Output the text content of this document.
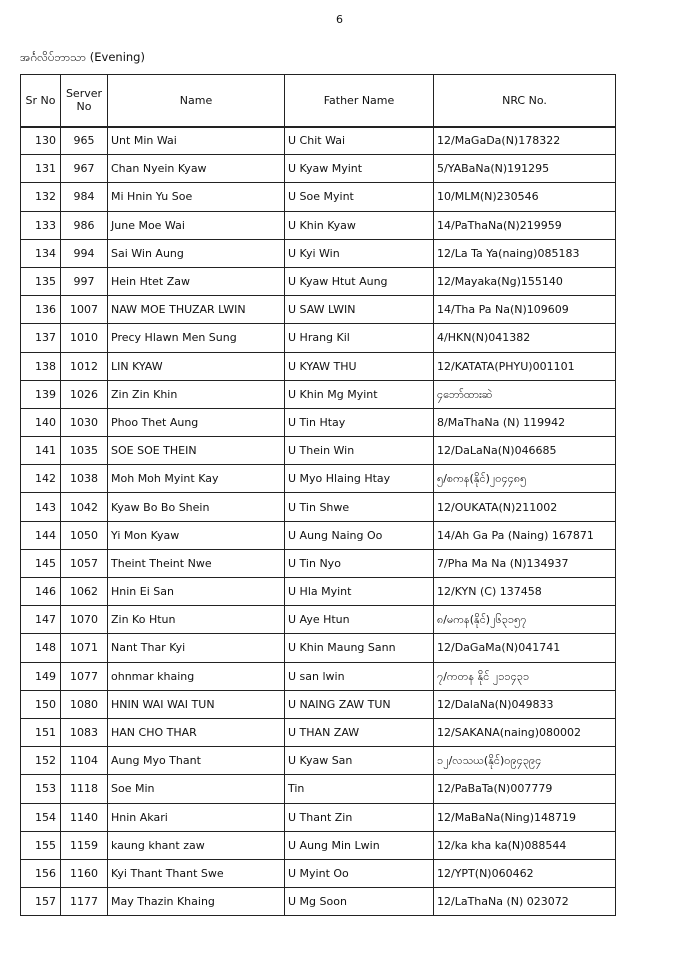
6
အင်္ဂလိပ်ဘာသာ (Evening)
Sr No	Server No	Name	Father Name	NRC No.
130	965	Unt Min Wai	U Chit Wai	12/MaGaDa(N)178322
131	967	Chan Nyein Kyaw	U Kyaw Myint	5/YABaNa(N)191295
132	984	Mi Hnin Yu Soe	U Soe Myint	10/MLM(N)230546
133	986	June Moe Wai	U Khin Kyaw	14/PaThaNa(N)219959
134	994	Sai Win Aung	U Kyi Win	12/La Ta Ya(naing)085183
135	997	Hein Htet Zaw	U Kyaw Htut Aung	12/Mayaka(Ng)155140
136	1007	NAW MOE THUZAR LWIN	U SAW LWIN	14/Tha Pa Na(N)109609
137	1010	Precy Hlawn Men Sung	U Hrang Kil	4/HKN(N)041382
138	1012	LIN KYAW	U KYAW THU	12/KATATA(PHYU)001101
139	1026	Zin Zin Khin	U Khin Mg Myint	၄ဘော်ထားဆဲ
140	1030	Phoo Thet Aung	U Tin Htay	8/MaThaNa (N) 119942
141	1035	SOE SOE THEIN	U Thein Win	12/DaLaNa(N)046685
142	1038	Moh Moh Myint Kay	U Myo Hlaing Htay	၅/စကန(နိုင်)၂၀၄၄၈၅
143	1042	Kyaw Bo Bo Shein	U Tin Shwe	12/OUKATA(N)211002
144	1050	Yi Mon Kyaw	U Aung Naing Oo	14/Ah Ga Pa (Naing) 167871
145	1057	Theint Theint Nwe	U Tin Nyo	7/Pha Ma Na (N)134937
146	1062	Hnin Ei San	U Hla Myint	12/KYN (C) 137458
147	1070	Zin Ko Htun	U Aye Htun	၈/မကန(နိုင်)၂၆၃၁၅၇
148	1071	Nant Thar Kyi	U Khin Maung Sann	12/DaGaMa(N)041741
149	1077	ohnmar khaing	U san lwin	၇/ကတန နိုင် ၂၁၁၄၃၁
150	1080	HNIN WAI WAI TUN	U NAING ZAW TUN	12/DalaNa(N)049833
151	1083	HAN CHO THAR	U THAN ZAW	12/SAKANA(naing)080002
152	1104	Aung Myo Thant	U Kyaw San	၁၂/လသယ(နိုင်)၀၉၄၃၉၄
153	1118	Soe Min	Tin	12/PaBaTa(N)007779
154	1140	Hnin Akari	U Thant Zin	12/MaBaNa(Ning)148719
155	1159	kaung khant zaw	U Aung Min Lwin	12/ka kha ka(N)088544
156	1160	Kyi Thant Thant Swe	U Myint Oo	12/YPT(N)060462
157	1177	May Thazin Khaing	U Mg Soon	12/LaThaNa (N) 023072
